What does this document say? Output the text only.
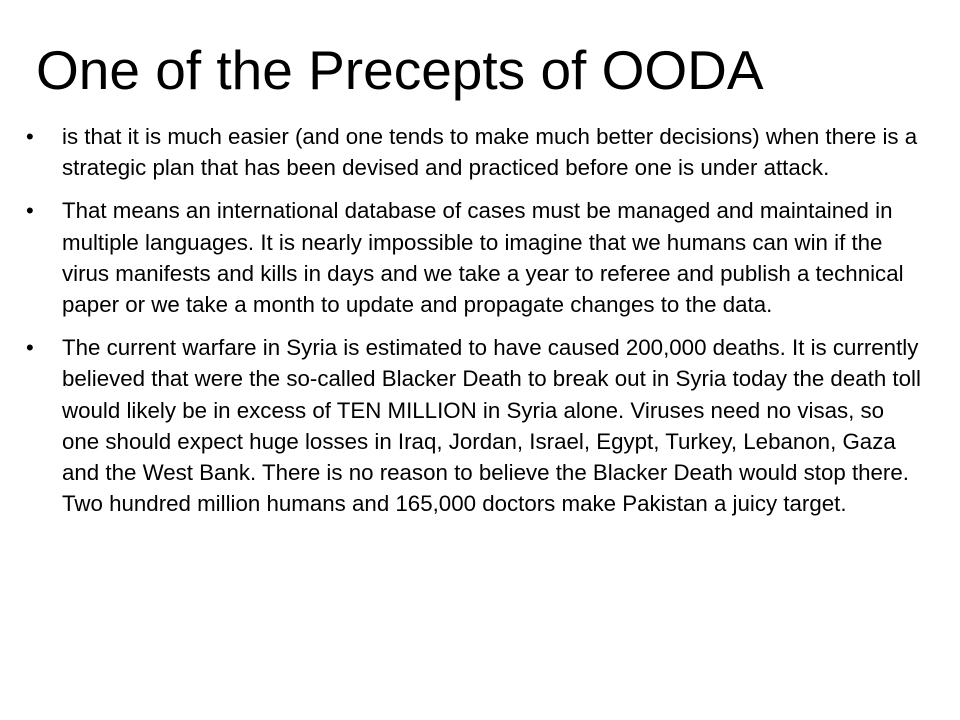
One of the Precepts of OODA
• is that it is much easier (and one tends to make much better decisions) when there is a strategic plan that has been devised and practiced before one is under attack.
• That means an international database of cases must be managed and maintained in multiple languages. It is nearly impossible to imagine that we humans can win if the virus manifests and kills in days and we take a year to referee and publish a technical paper or we take a month to update and propagate changes to the data.
• The current warfare in Syria is estimated to have caused 200,000 deaths. It is currently believed that were the so-called Blacker Death to break out in Syria today the death toll would likely be in excess of TEN MILLION in Syria alone. Viruses need no visas, so one should expect huge losses in Iraq, Jordan, Israel, Egypt, Turkey, Lebanon, Gaza and the West Bank. There is no reason to believe the Blacker Death would stop there. Two hundred million humans and 165,000 doctors make Pakistan a juicy target.
